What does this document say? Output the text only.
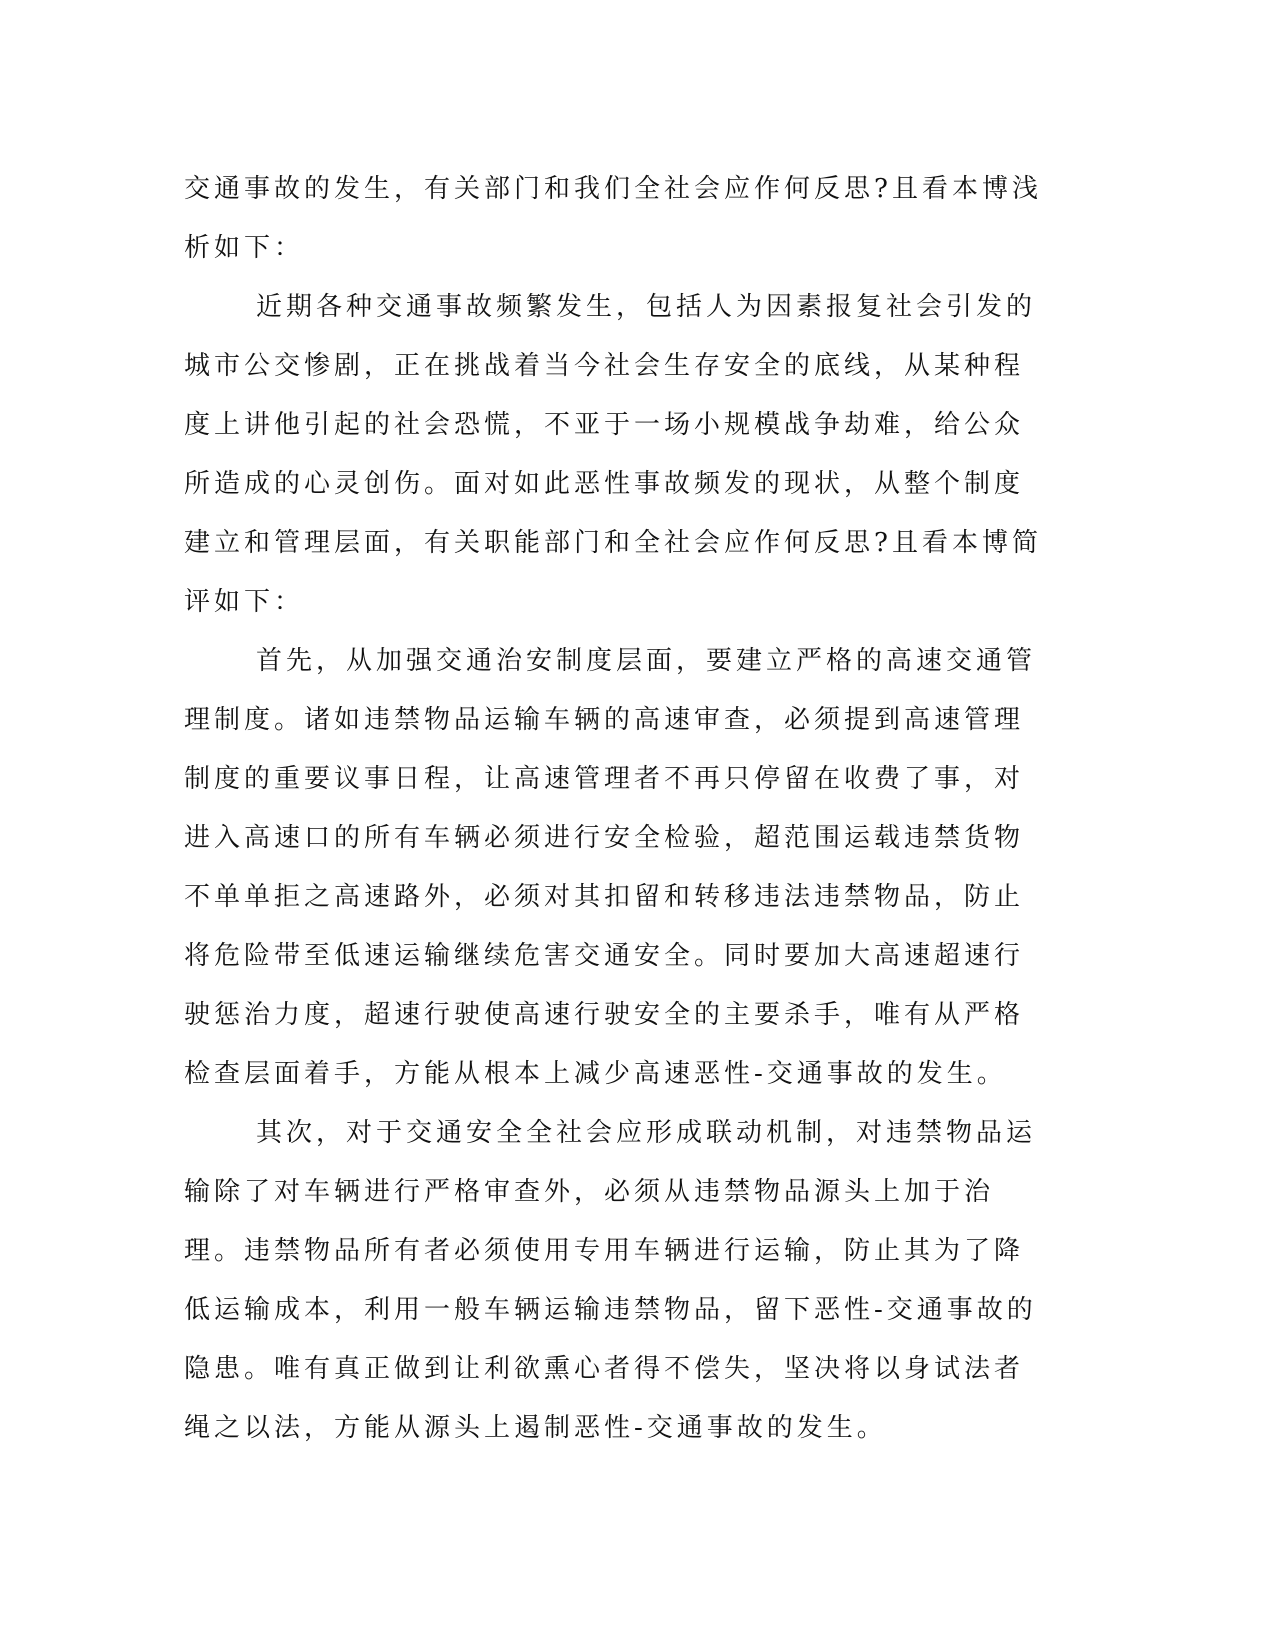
交通事故的发生，有关部门和我们全社会应作何反思?且看本博浅析如下：

近期各种交通事故频繁发生，包括人为因素报复社会引发的城市公交惨剧，正在挑战着当今社会生存安全的底线，从某种程度上讲他引起的社会恐慌，不亚于一场小规模战争劫难，给公众所造成的心灵创伤。面对如此恶性事故频发的现状，从整个制度建立和管理层面，有关职能部门和全社会应作何反思?且看本博简评如下：

首先，从加强交通治安制度层面，要建立严格的高速交通管理制度。诸如违禁物品运输车辆的高速审查，必须提到高速管理制度的重要议事日程，让高速管理者不再只停留在收费了事，对进入高速口的所有车辆必须进行安全检验，超范围运载违禁货物不单单拒之高速路外，必须对其扣留和转移违法违禁物品，防止将危险带至低速运输继续危害交通安全。同时要加大高速超速行驶惩治力度，超速行驶使高速行驶安全的主要杀手，唯有从严格检查层面着手，方能从根本上减少高速恶性-交通事故的发生。

其次，对于交通安全全社会应形成联动机制，对违禁物品运输除了对车辆进行严格审查外，必须从违禁物品源头上加于治理。违禁物品所有者必须使用专用车辆进行运输，防止其为了降低运输成本，利用一般车辆运输违禁物品，留下恶性-交通事故的隐患。唯有真正做到让利欲熏心者得不偿失，坚决将以身试法者绳之以法，方能从源头上遏制恶性-交通事故的发生。
